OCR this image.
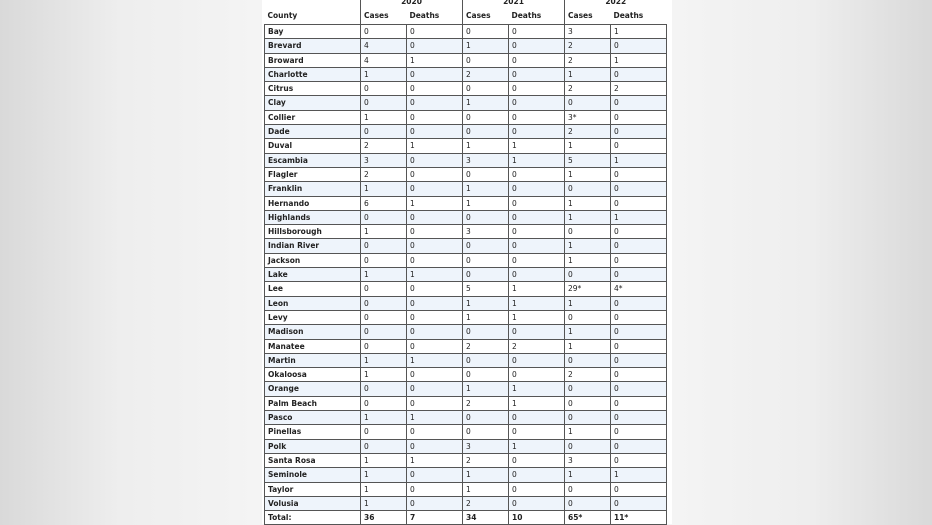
	2020		2021		2022	
County	Cases	Deaths	Cases	Deaths	Cases	Deaths
Bay	0	0	0	0	3	1
Brevard	4	0	1	0	2	0
Broward	4	1	0	0	2	1
Charlotte	1	0	2	0	1	0
Citrus	0	0	0	0	2	2
Clay	0	0	1	0	0	0
Collier	1	0	0	0	3*	0
Dade	0	0	0	0	2	0
Duval	2	1	1	1	1	0
Escambia	3	0	3	1	5	1
Flagler	2	0	0	0	1	0
Franklin	1	0	1	0	0	0
Hernando	6	1	1	0	1	0
Highlands	0	0	0	0	1	1
Hillsborough	1	0	3	0	0	0
Indian River	0	0	0	0	1	0
Jackson	0	0	0	0	1	0
Lake	1	1	0	0	0	0
Lee	0	0	5	1	29*	4*
Leon	0	0	1	1	1	0
Levy	0	0	1	1	0	0
Madison	0	0	0	0	1	0
Manatee	0	0	2	2	1	0
Martin	1	1	0	0	0	0
Okaloosa	1	0	0	0	2	0
Orange	0	0	1	1	0	0
Palm Beach	0	0	2	1	0	0
Pasco	1	1	0	0	0	0
Pinellas	0	0	0	0	1	0
Polk	0	0	3	1	0	0
Santa Rosa	1	1	2	0	3	0
Seminole	1	0	1	0	1	1
Taylor	1	0	1	0	0	0
Volusia	1	0	2	0	0	0
Total:	36	7	34	10	65*	11*
